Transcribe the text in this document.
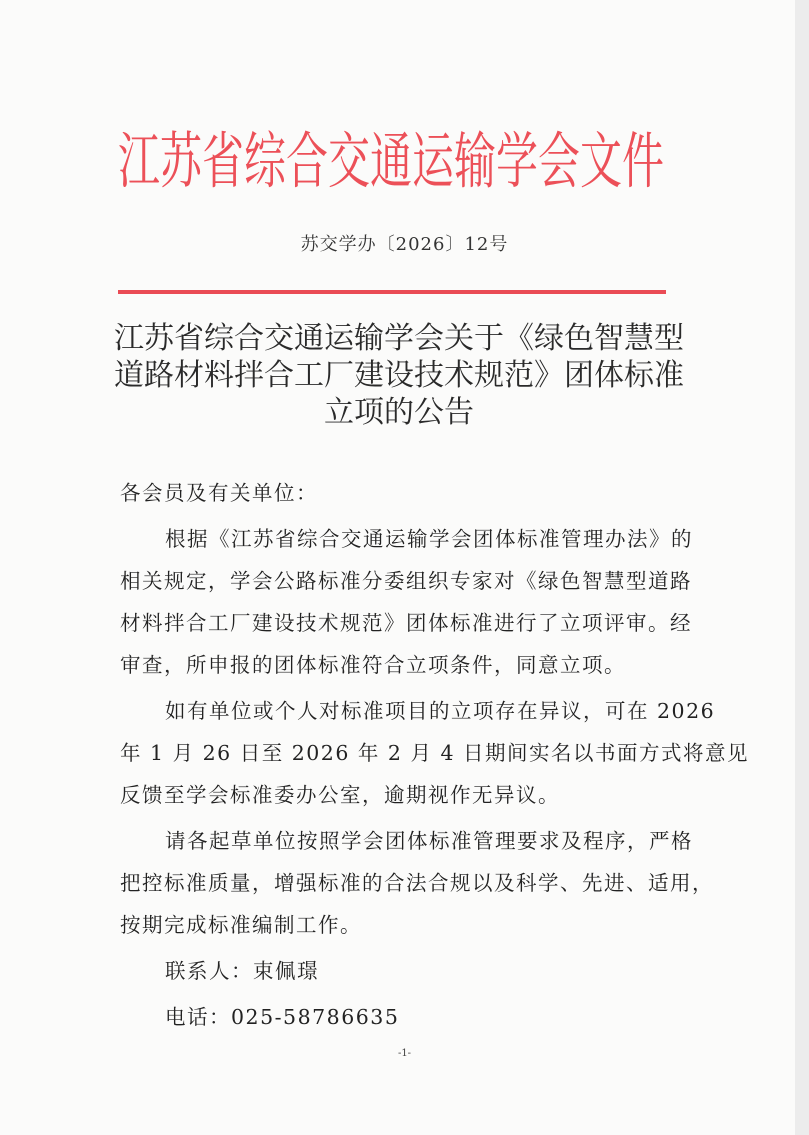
江苏省综合交通运输学会文件
苏交学办〔2026〕12号
江苏省综合交通运输学会关于《绿色智慧型
道路材料拌合工厂建设技术规范》团体标准
立项的公告
各会员及有关单位：
根据《江苏省综合交通运输学会团体标准管理办法》的
相关规定，学会公路标准分委组织专家对《绿色智慧型道路
材料拌合工厂建设技术规范》团体标准进行了立项评审。经
审查，所申报的团体标准符合立项条件，同意立项。
如有单位或个人对标准项目的立项存在异议，可在 2026
年 1 月 26 日至 2026 年 2 月 4 日期间实名以书面方式将意见
反馈至学会标准委办公室，逾期视作无异议。
请各起草单位按照学会团体标准管理要求及程序，严格
把控标准质量，增强标准的合法合规以及科学、先进、适用，
按期完成标准编制工作。
联系人：束佩璟
电话：025-58786635
-1-
